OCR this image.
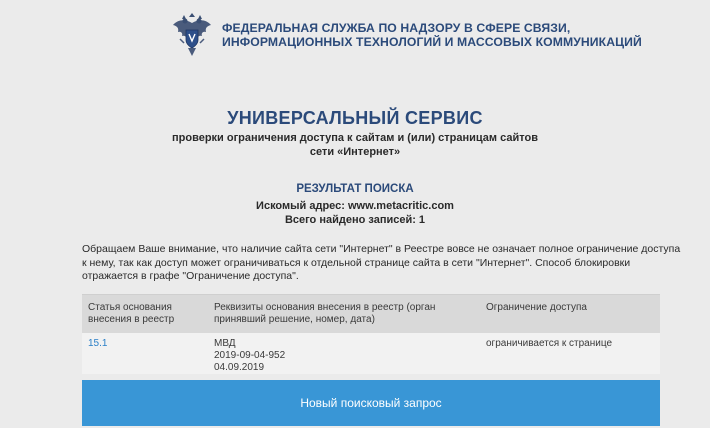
ФЕДЕРАЛЬНАЯ СЛУЖБА ПО НАДЗОРУ В СФЕРЕ СВЯЗИ,
ИНФОРМАЦИОННЫХ ТЕХНОЛОГИЙ И МАССОВЫХ КОММУНИКАЦИЙ
УНИВЕРСАЛЬНЫЙ СЕРВИС
проверки ограничения доступа к сайтам и (или) страницам сайтов
сети «Интернет»
РЕЗУЛЬТАТ ПОИСКА
Искомый адрес: www.metacritic.com
Всего найдено записей: 1
Обращаем Ваше внимание, что наличие сайта сети "Интернет" в Реестре вовсе не означает полное ограничение доступа к нему, так как доступ может ограничиваться к отдельной странице сайта в сети "Интернет". Способ блокировки отражается в графе "Ограничение доступа".
Статья основания внесения в реестр
Реквизиты основания внесения в реестр (орган принявший решение, номер, дата)
Ограничение доступа
15.1	МВД
2019-09-04-952
04.09.2019
ограничивается к странице
Новый поисковый запрос
